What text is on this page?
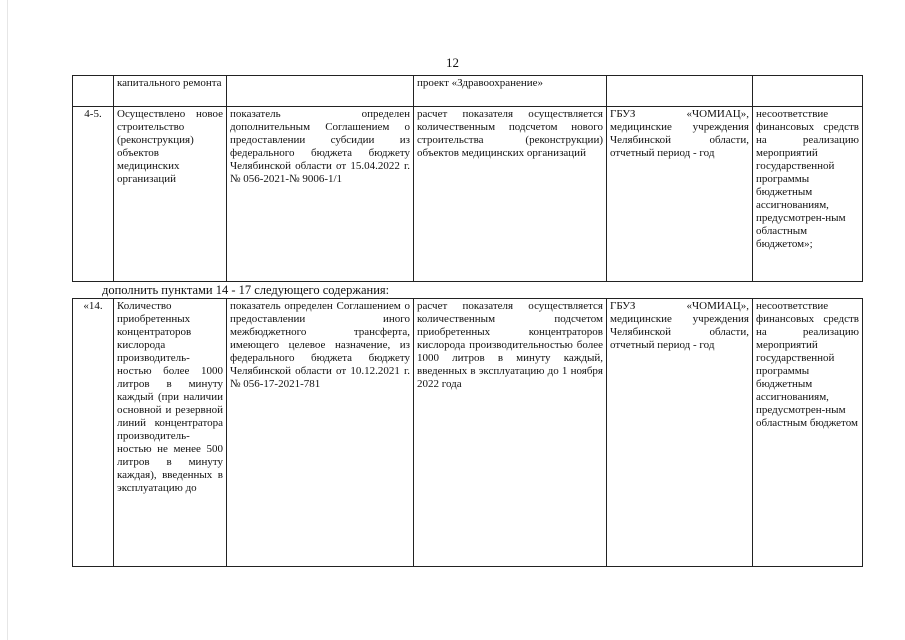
12
	капитального ремонта		проект «Здравоохранение»		
4-5.	Осуществлено новое строительство (реконструкция) объектов медицинских организаций	показатель определен дополнительным Соглашением о предоставлении субсидии из федерального бюджета бюджету Челябинской области от 15.04.2022 г. № 056-2021-№ 9006-1/1	расчет показателя осуществляется количественным подсчетом нового строительства (реконструкции) объектов медицинских организаций	ГБУЗ «ЧОМИАЦ», медицинские учреждения Челябинской области, отчетный период - год	несоответствие финансовых средств на реализацию мероприятий государственной программы бюджетным ассигнованиям, предусмотрен-ным областным бюджетом»;
дополнить пунктами 14 - 17 следующего содержания:
«14.	Количество приобретенных концентраторов кислорода производитель-ностью более 1000 литров в минуту каждый (при наличии основной и резервной линий концентратора производитель-ностью не менее 500 литров в минуту каждая), введенных в эксплуатацию до	показатель определен Соглашением о предоставлении иного межбюджетного трансферта, имеющего целевое назначение, из федерального бюджета бюджету Челябинской области от 10.12.2021 г. № 056-17-2021-781	расчет показателя осуществляется количественным подсчетом приобретенных концентраторов кислорода производительностью более 1000 литров в минуту каждый, введенных в эксплуатацию до 1 ноября 2022 года	ГБУЗ «ЧОМИАЦ», медицинские учреждения Челябинской области, отчетный период - год	несоответствие финансовых средств на реализацию мероприятий государственной программы бюджетным ассигнованиям, предусмотрен-ным областным бюджетом
